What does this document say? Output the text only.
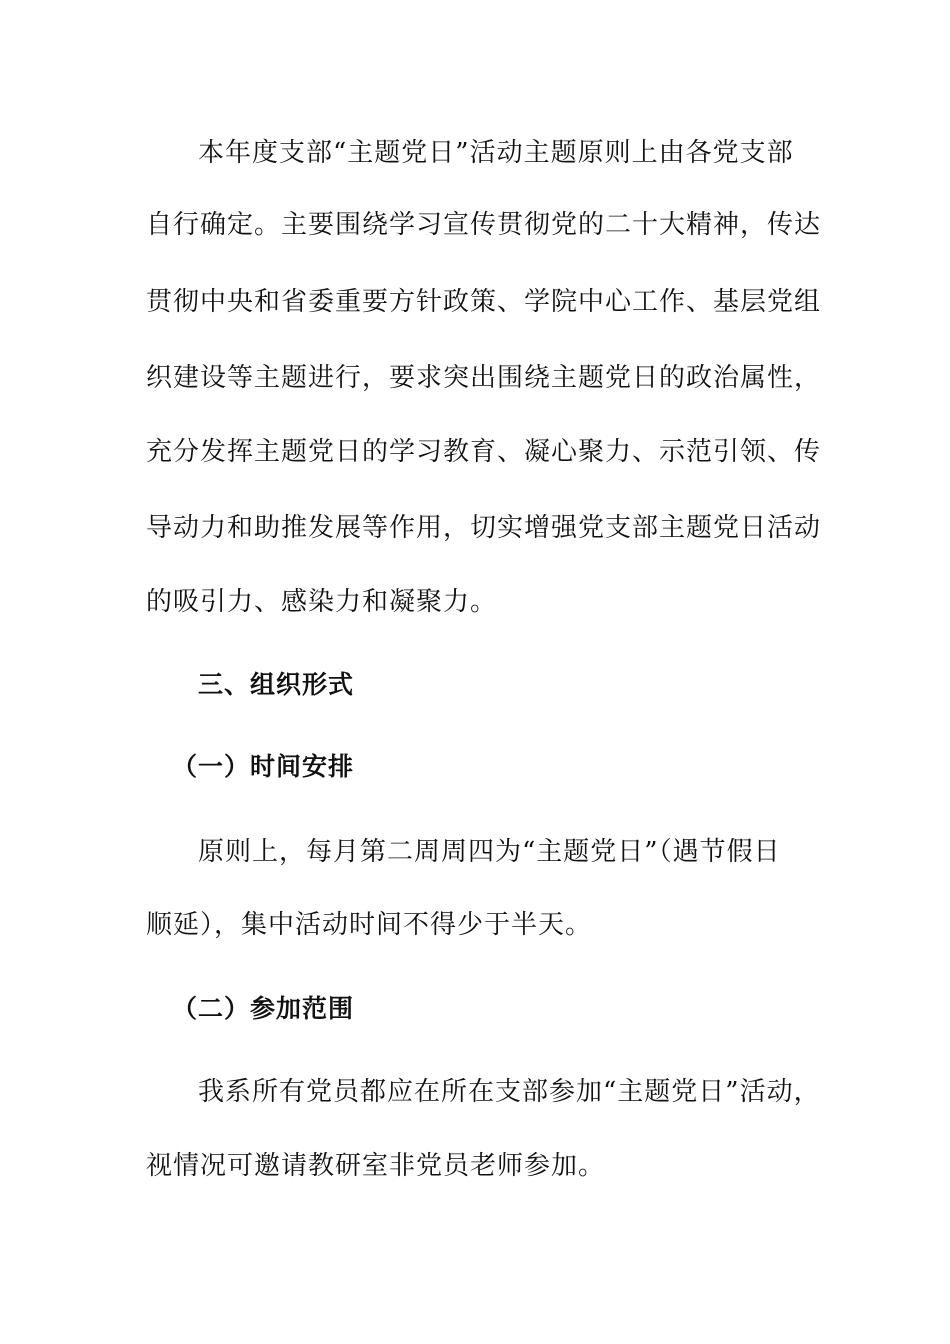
本年度支部“主题党日”活动主题原则上由各党支部
自行确定。主要围绕学习宣传贯彻党的二十大精神，传达
贯彻中央和省委重要方针政策、学院中心工作、基层党组
织建设等主题进行，要求突出围绕主题党日的政治属性，
充分发挥主题党日的学习教育、凝心聚力、示范引领、传
导动力和助推发展等作用，切实增强党支部主题党日活动
的吸引力、感染力和凝聚力。
三、组织形式
（一）时间安排
原则上，每月第二周周四为“主题党日”（遇节假日
顺延），集中活动时间不得少于半天。
（二）参加范围
我系所有党员都应在所在支部参加“主题党日”活动，
视情况可邀请教研室非党员老师参加。
